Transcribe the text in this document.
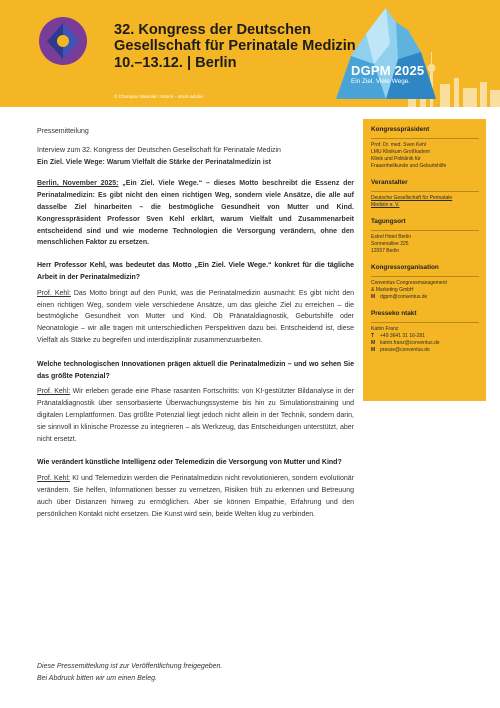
32. Kongress der Deutschen
Gesellschaft für Perinatale Medizin
10.–13.12. | Berlin
© Chompoo Wannak / iStock – stock.adobe
DGPM 2025
Ein Ziel. Viele Wege.
Pressemitteilung
Interview zum 32. Kongress der Deutschen Gesellschaft für Perinatale Medizin
Ein Ziel. Viele Wege: Warum Vielfalt die Stärke der Perinatalmedizin ist

Berlin, November 2025: „Ein Ziel. Viele Wege.“ – dieses Motto beschreibt die Essenz der Perinatalmedizin: Es gibt nicht den einen richtigen Weg, sondern viele Ansätze, die alle auf dasselbe Ziel hinarbeiten – die bestmögliche Gesundheit von Mutter und Kind. Kongresspräsident Professor Sven Kehl erklärt, warum Vielfalt und Zusammenarbeit entscheidend sind und wie moderne Technologien die Versorgung verändern, ohne den menschlichen Faktor zu ersetzen.

Herr Professor Kehl, was bedeutet das Motto „Ein Ziel. Viele Wege.“ konkret für die tägliche Arbeit in der Perinatalmedizin?

Prof. Kehl: Das Motto bringt auf den Punkt, was die Perinatalmedizin ausmacht: Es gibt nicht den einen richtigen Weg, sondern viele verschiedene Ansätze, um das gleiche Ziel zu erreichen – die bestmögliche Gesundheit von Mutter und Kind. Ob Pränataldiagnostik, Geburtshilfe oder Neonatologie – wir alle tragen mit unterschiedlichen Perspektiven dazu bei. Entscheidend ist, diese Vielfalt als Stärke zu begreifen und interdisziplinär zusammenzuarbeiten.

Welche technologischen Innovationen prägen aktuell die Perinatalmedizin – und wo sehen Sie das größte Potenzial?

Prof. Kehl: Wir erleben gerade eine Phase rasanten Fortschritts: von KI-gestützter Bildanalyse in der Pränataldiagnostik über sensorbasierte Überwachungssysteme bis hin zu Simulationstraining und digitalen Lernplattformen. Das größte Potenzial liegt jedoch nicht allein in der Technik, sondern darin, sie sinnvoll in klinische Prozesse zu integrieren – als Werkzeug, das Entscheidungen unterstützt, aber nicht ersetzt.

Wie verändert künstliche Intelligenz oder Telemedizin die Versorgung von Mutter und Kind?

Prof. Kehl: KI und Telemedizin werden die Perinatalmedizin nicht revolutionieren, sondern evolutionär verändern. Sie helfen, Informationen besser zu vernetzen, Risiken früh zu erkennen und Betreuung auch über Distanzen hinweg zu ermöglichen. Aber sie können Empathie, Erfahrung und den persönlichen Kontakt nicht ersetzen. Die Kunst wird sein, beide Welten klug zu verbinden.

Diese Pressemitteilung ist zur Veröffentlichung freigegeben.
Bei Abdruck bitten wir um einen Beleg.
Kongresspräsident
Prof. Dr. med. Sven Kehl
LMU Klinikum Großhadern
Klinik und Poliklinik für
Frauenheilkunde und Geburtshilfe
Veranstalter
Deutsche Gesellschaft für Perinatale
Medizin e. V.
Tagungsort
Estrel Hotel Berlin
Sonnenallee 225
12057 Berlin
Kongressorganisation
Conventus Congressmanagement
& Marketing GmbH
M dgpm@conventus.de
Presseko ntakt
Katrin Franz
T +49 3641 31 16-281
M katrin.franz@conventus.de
M presse@conventus.de
